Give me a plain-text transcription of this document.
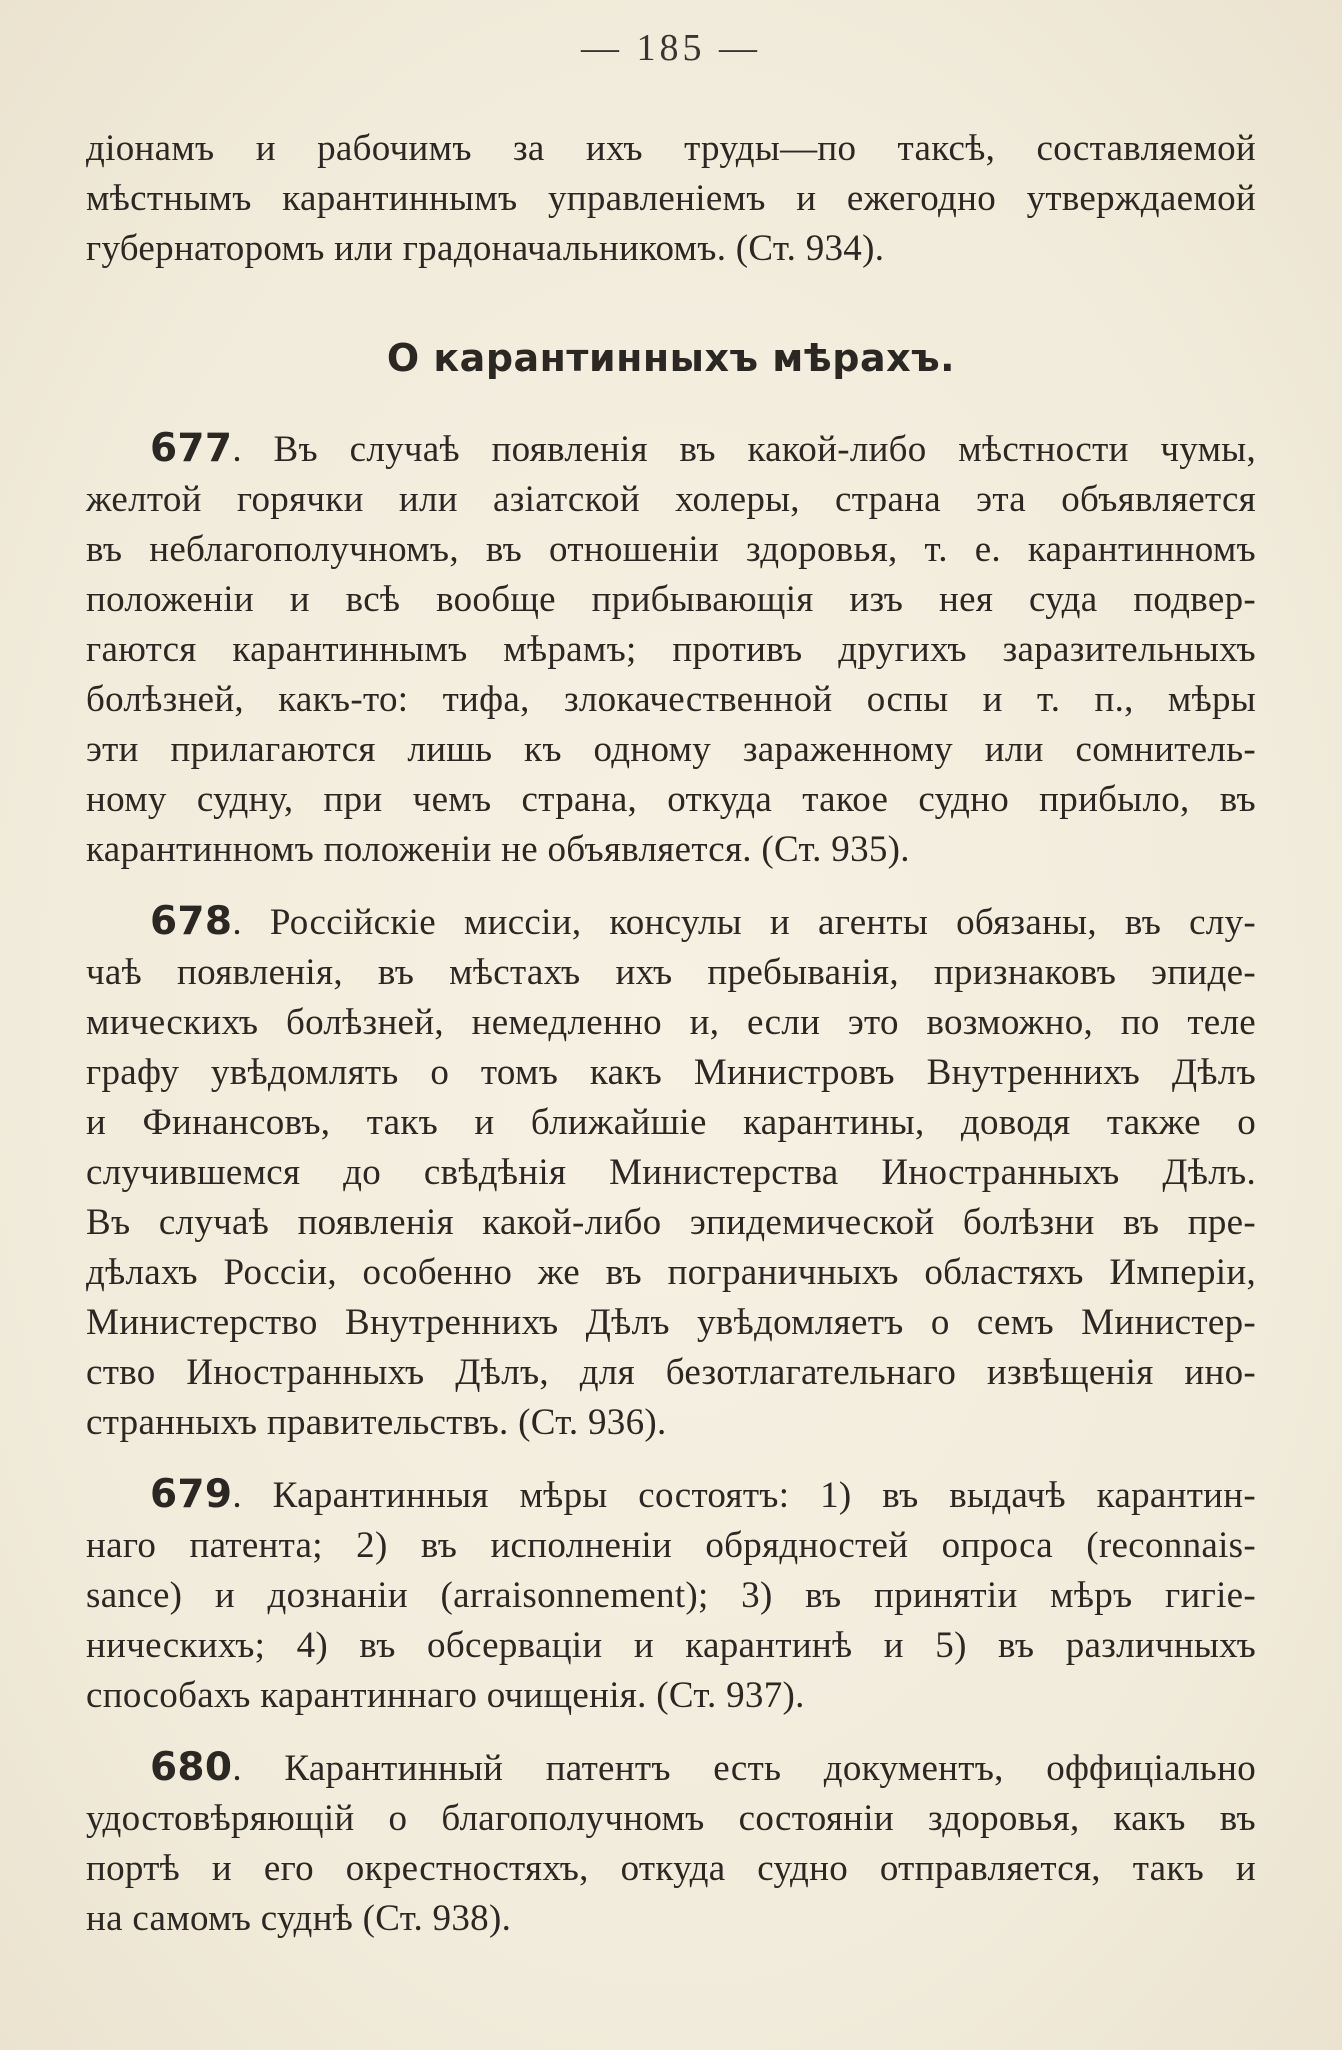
— 185 —
діонамъ и рабочимъ за ихъ труды—по таксѣ, составляемой
мѣстнымъ карантиннымъ управленіемъ и ежегодно утверждаемой
губернаторомъ или градоначальникомъ. (Ст. 934).
О карантинныхъ мѣрахъ.
677. Въ случаѣ появленія въ какой-либо мѣстности чумы,
желтой горячки или азіатской холеры, страна эта объявляется
въ неблагополучномъ, въ отношеніи здоровья, т. е. карантинномъ
положеніи и всѣ вообще прибывающія изъ нея суда подвер-
гаются карантиннымъ мѣрамъ; противъ другихъ заразительныхъ
болѣзней, какъ-то: тифа, злокачественной оспы и т. п., мѣры
эти прилагаются лишь къ одному зараженному или сомнитель-
ному судну, при чемъ страна, откуда такое судно прибыло, въ
карантинномъ положеніи не объявляется. (Ст. 935).
678. Россійскіе миссіи, консулы и агенты обязаны, въ слу-
чаѣ появленія, въ мѣстахъ ихъ пребыванія, признаковъ эпиде-
мическихъ болѣзней, немедленно и, если это возможно, по теле
графу увѣдомлять о томъ какъ Министровъ Внутреннихъ Дѣлъ
и Финансовъ, такъ и ближайшіе карантины, доводя также о
случившемся до свѣдѣнія Министерства Иностранныхъ Дѣлъ.
Въ случаѣ появленія какой-либо эпидемической болѣзни въ пре-
дѣлахъ Россіи, особенно же въ пограничныхъ областяхъ Имперіи,
Министерство Внутреннихъ Дѣлъ увѣдомляетъ о семъ Министер-
ство Иностранныхъ Дѣлъ, для безотлагательнаго извѣщенія ино-
странныхъ правительствъ. (Ст. 936).
679. Карантинныя мѣры состоятъ: 1) въ выдачѣ карантин-
наго патента; 2) въ исполненіи обрядностей опроса (reconnais-
sance) и дознаніи (arraisonnement); 3) въ принятіи мѣръ гигіе-
ническихъ; 4) въ обсерваціи и карантинѣ и 5) въ различныхъ
способахъ карантиннаго очищенія. (Ст. 937).
680. Карантинный патентъ есть документъ, оффиціально
удостовѣряющій о благополучномъ состояніи здоровья, какъ въ
портѣ и его окрестностяхъ, откуда судно отправляется, такъ и
на самомъ суднѣ (Ст. 938).
